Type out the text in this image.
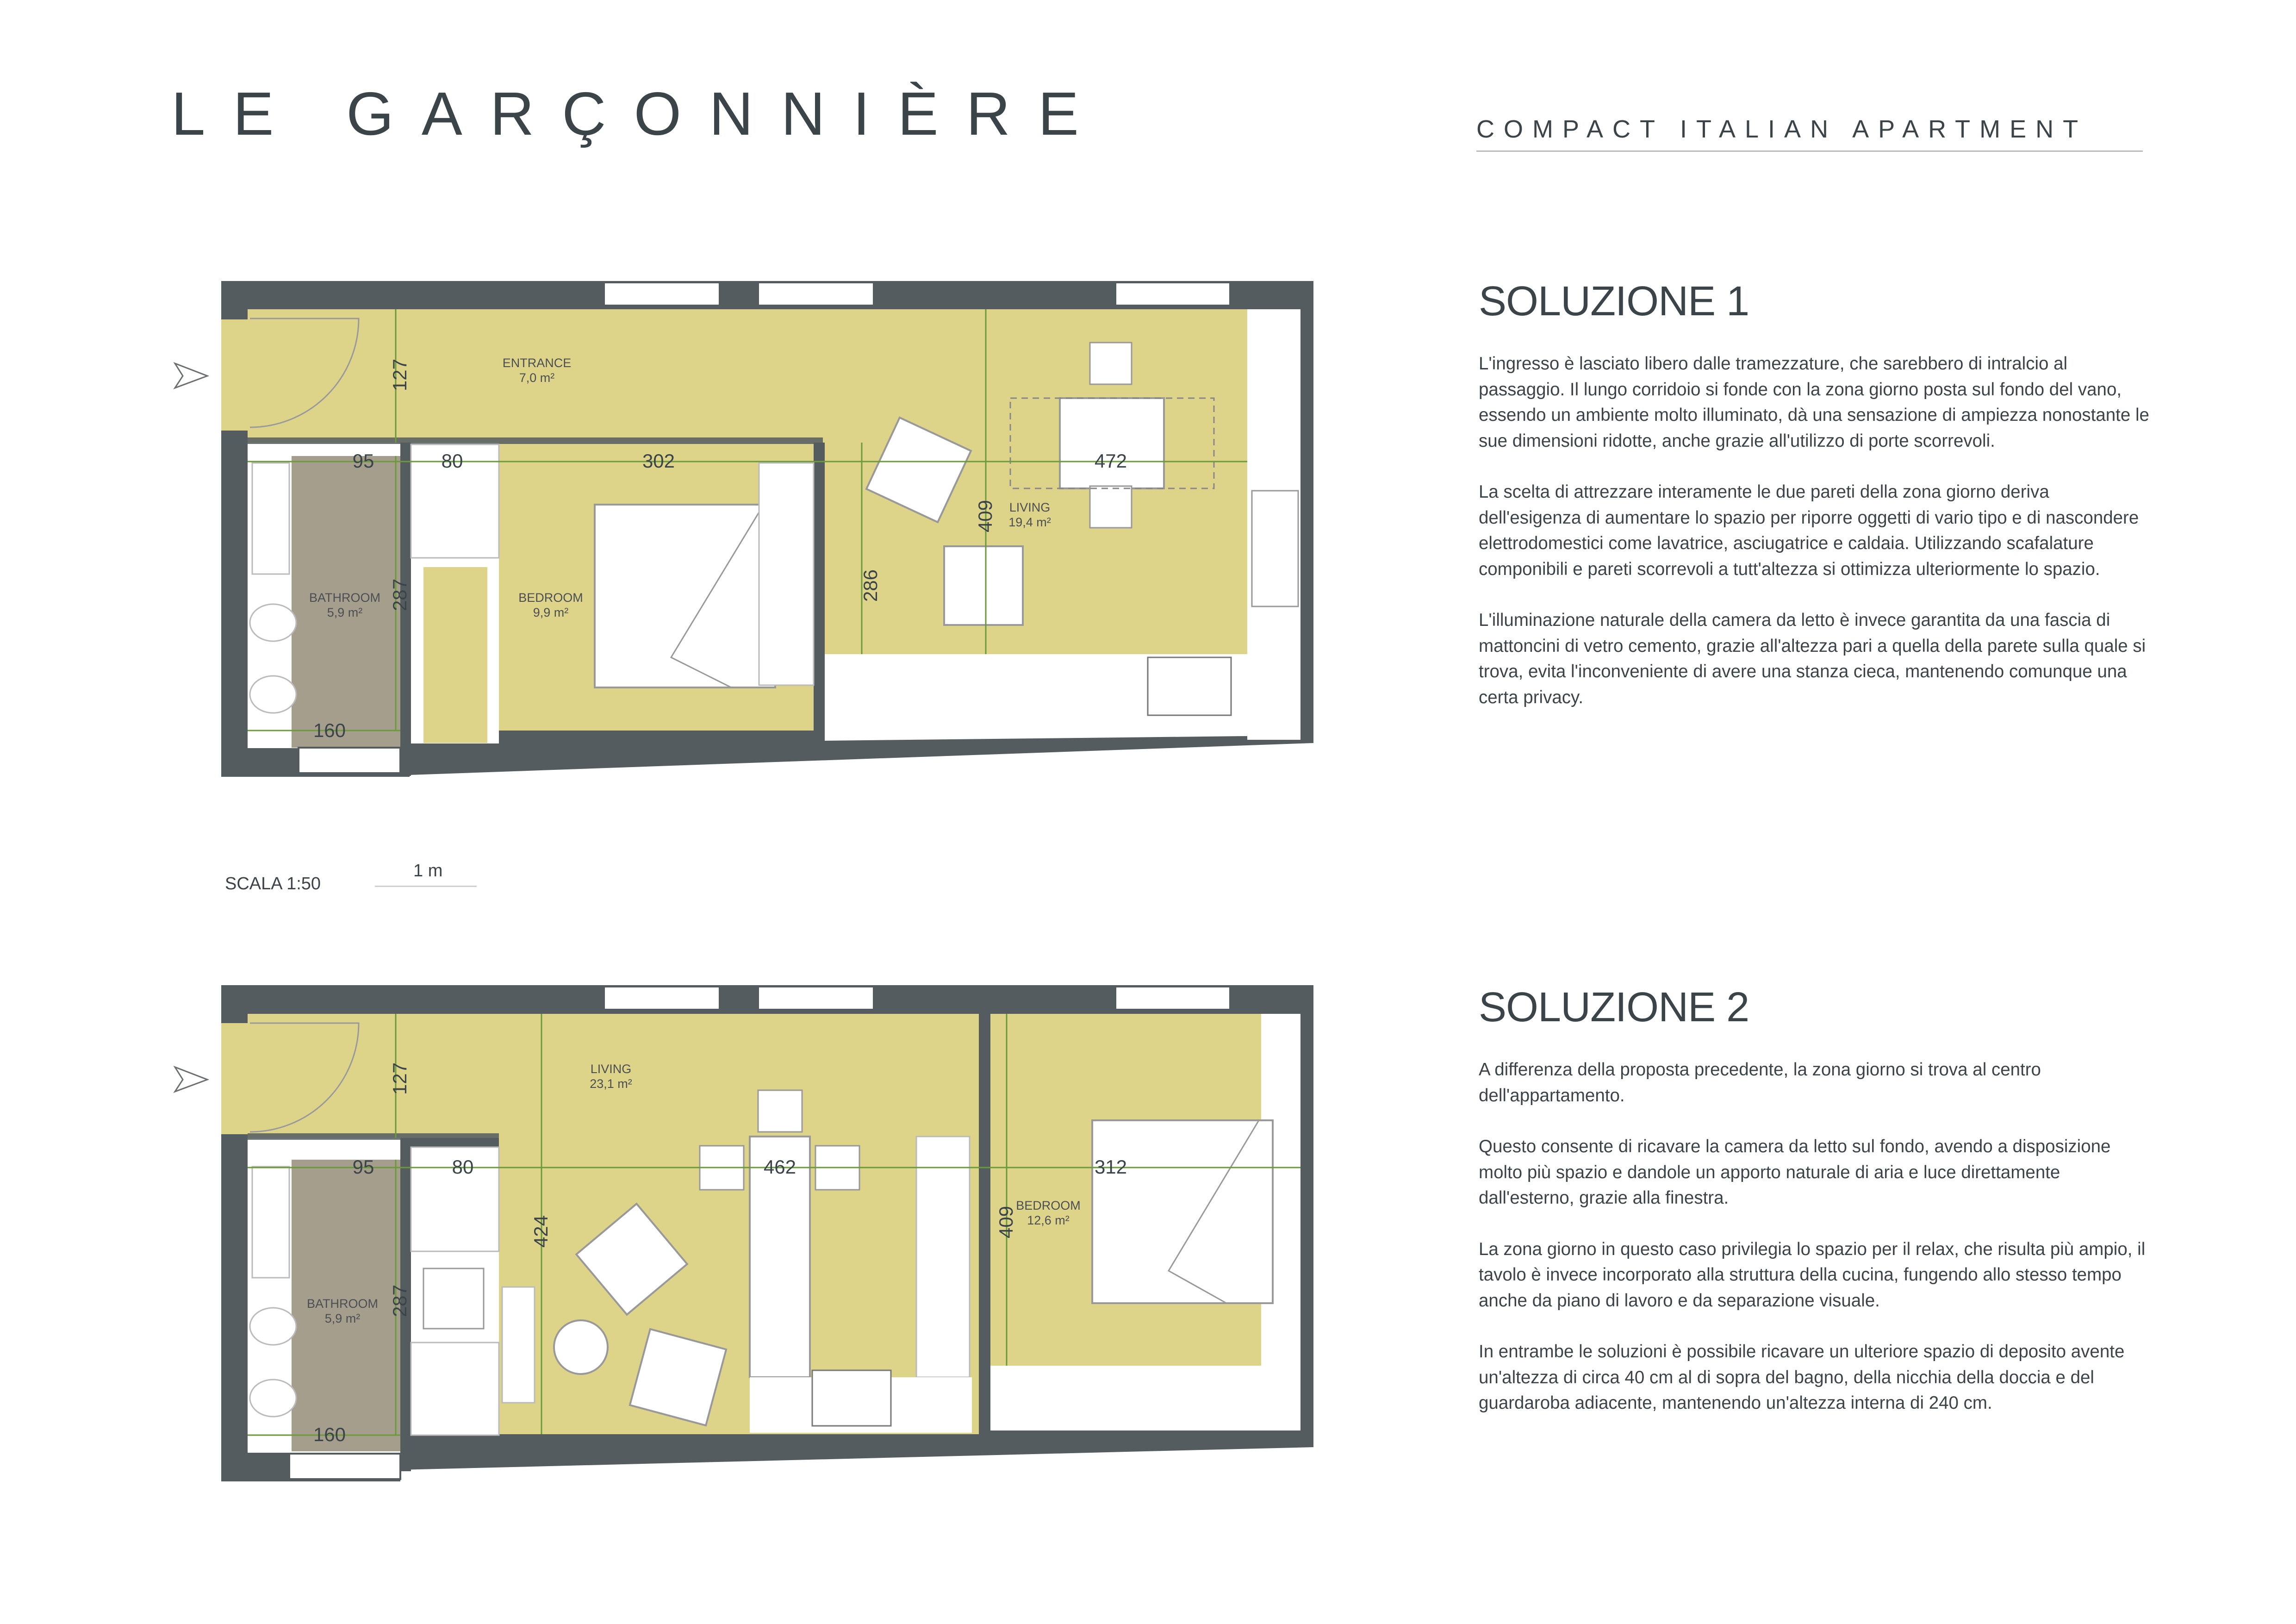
LE GARÇONNIÈRE	COMPACT ITALIAN APARTMENT
ENTRANCE
7,0 m²
BATHROOM
5,9 m²
BEDROOM
9,9 m²
LIVING
19,4 m²
127
95	80	302	472
287	286
409
160
SCALA 1:50
1 m
LIVING
23,1 m²
BATHROOM
5,9 m²
BEDROOM
12,6 m²
127
95	80	462	312
424
287
409
160
SOLUZIONE 1

L'ingresso è lasciato libero dalle tramezzature, che sarebbero di intralcio al passaggio. Il lungo corridoio si fonde con la zona giorno posta sul fondo del vano, essendo un ambiente molto illuminato, dà una sensazione di ampiezza nonostante le sue dimensioni ridotte, anche grazie all'utilizzo di porte scorrevoli.

La scelta di attrezzare interamente le due pareti della zona giorno deriva dell'esigenza di aumentare lo spazio per riporre oggetti di vario tipo e di nascondere elettrodomestici come lavatrice, asciugatrice e caldaia. Utilizzando scafalature componibili e pareti scorrevoli a tutt'altezza si ottimizza ulteriormente lo spazio.

L'illuminazione naturale della camera da letto è invece garantita da una fascia di mattoncini di vetro cemento, grazie all'altezza pari a quella della parete sulla quale si trova, evita l'inconveniente di avere una stanza cieca, mantenendo comunque una certa privacy.

SOLUZIONE 2

A differenza della proposta precedente, la zona giorno si trova al centro dell'appartamento.

Questo consente di ricavare la camera da letto sul fondo, avendo a disposizione molto più spazio e dandole un apporto naturale di aria e luce direttamente dall'esterno, grazie alla finestra.

La zona giorno in questo caso privilegia lo spazio per il relax, che risulta più ampio, il tavolo è invece incorporato alla struttura della cucina, fungendo allo stesso tempo anche da piano di lavoro e da separazione visuale.

In entrambe le soluzioni è possibile ricavare un ulteriore spazio di deposito avente un'altezza di circa 40 cm al di sopra del bagno, della nicchia della doccia e del guardaroba adiacente, mantenendo un'altezza interna di 240 cm.
